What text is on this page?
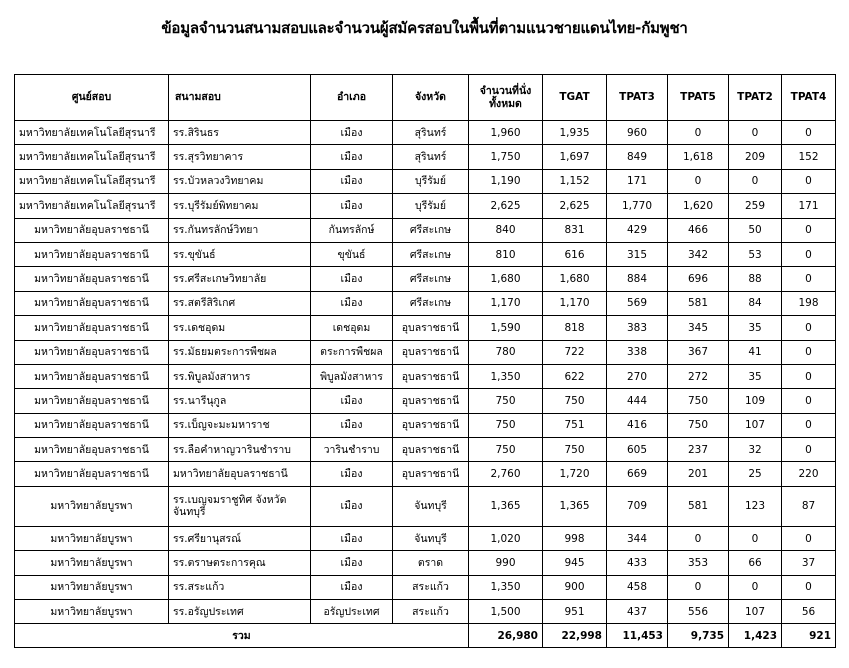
ข้อมูลจำนวนสนามสอบและจำนวนผู้สมัครสอบในพื้นที่ตามแนวชายแดนไทย-กัมพูชา
ศูนย์สอบ	สนามสอบ	อำเภอ	จังหวัด	จำนวนที่นั่งทั้งหมด	TGAT	TPAT3	TPAT5	TPAT2	TPAT4
มหาวิทยาลัยเทคโนโลยีสุรนารี	รร.สิรินธร	เมือง	สุรินทร์	1,960	1,935	960	0	0	0
มหาวิทยาลัยเทคโนโลยีสุรนารี	รร.สุรวิทยาคาร	เมือง	สุรินทร์	1,750	1,697	849	1,618	209	152
มหาวิทยาลัยเทคโนโลยีสุรนารี	รร.บัวหลวงวิทยาคม	เมือง	บุรีรัมย์	1,190	1,152	171	0	0	0
มหาวิทยาลัยเทคโนโลยีสุรนารี	รร.บุรีรัมย์พิทยาคม	เมือง	บุรีรัมย์	2,625	2,625	1,770	1,620	259	171
มหาวิทยาลัยอุบลราชธานี	รร.กันทรลักษ์วิทยา	กันทรลักษ์	ศรีสะเกษ	840	831	429	466	50	0
มหาวิทยาลัยอุบลราชธานี	รร.ขุขันธ์	ขุขันธ์	ศรีสะเกษ	810	616	315	342	53	0
มหาวิทยาลัยอุบลราชธานี	รร.ศรีสะเกษวิทยาลัย	เมือง	ศรีสะเกษ	1,680	1,680	884	696	88	0
มหาวิทยาลัยอุบลราชธานี	รร.สตรีสิริเกศ	เมือง	ศรีสะเกษ	1,170	1,170	569	581	84	198
มหาวิทยาลัยอุบลราชธานี	รร.เดชอุดม	เดชอุดม	อุบลราชธานี	1,590	818	383	345	35	0
มหาวิทยาลัยอุบลราชธานี	รร.มัธยมตระการพืชผล	ตระการพืชผล	อุบลราชธานี	780	722	338	367	41	0
มหาวิทยาลัยอุบลราชธานี	รร.พิบูลมังสาหาร	พิบูลมังสาหาร	อุบลราชธานี	1,350	622	270	272	35	0
มหาวิทยาลัยอุบลราชธานี	รร.นารีนุกูล	เมือง	อุบลราชธานี	750	750	444	750	109	0
มหาวิทยาลัยอุบลราชธานี	รร.เบ็ญจะมะมหาราช	เมือง	อุบลราชธานี	750	751	416	750	107	0
มหาวิทยาลัยอุบลราชธานี	รร.ลือคำหาญวารินชำราบ	วารินชำราบ	อุบลราชธานี	750	750	605	237	32	0
มหาวิทยาลัยอุบลราชธานี	มหาวิทยาลัยอุบลราชธานี	เมือง	อุบลราชธานี	2,760	1,720	669	201	25	220
มหาวิทยาลัยบูรพา	รร.เบญจมราชูทิศ จังหวัดจันทบุรี	เมือง	จันทบุรี	1,365	1,365	709	581	123	87
มหาวิทยาลัยบูรพา	รร.ศรียานุสรณ์	เมือง	จันทบุรี	1,020	998	344	0	0	0
มหาวิทยาลัยบูรพา	รร.ตราษตระการคุณ	เมือง	ตราด	990	945	433	353	66	37
มหาวิทยาลัยบูรพา	รร.สระแก้ว	เมือง	สระแก้ว	1,350	900	458	0	0	0
มหาวิทยาลัยบูรพา	รร.อรัญประเทศ	อรัญประเทศ	สระแก้ว	1,500	951	437	556	107	56
รวม				26,980	22,998	11,453	9,735	1,423	921
